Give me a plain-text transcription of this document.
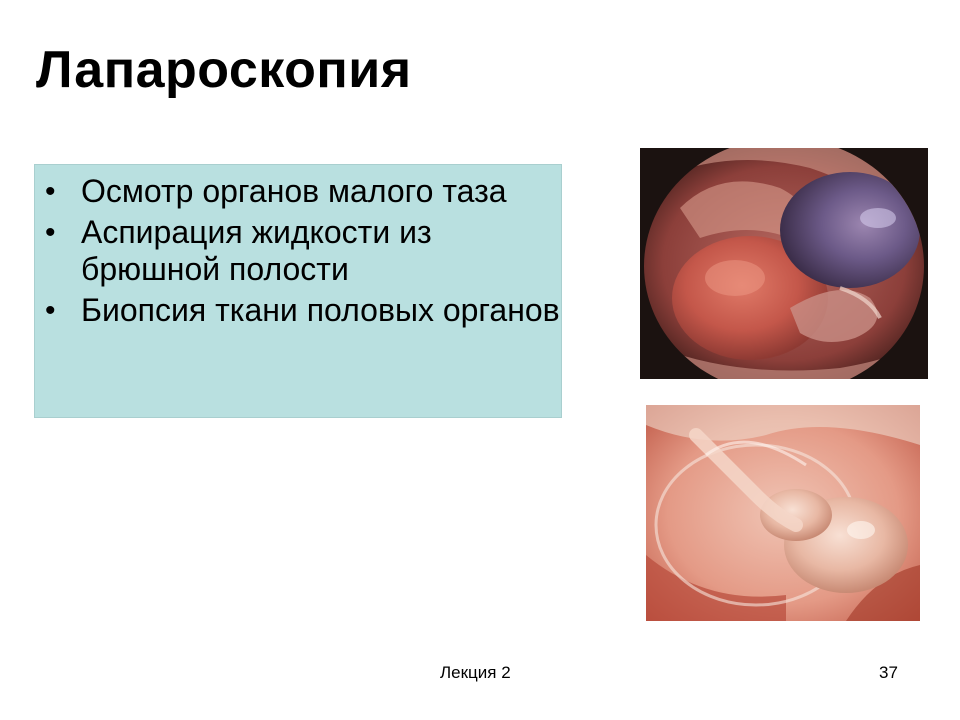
Лапароскопия
• Осмотр органов малого таза
• Аспирация жидкости из брюшной полости
• Биопсия ткани половых органов
Лекция 2	37
